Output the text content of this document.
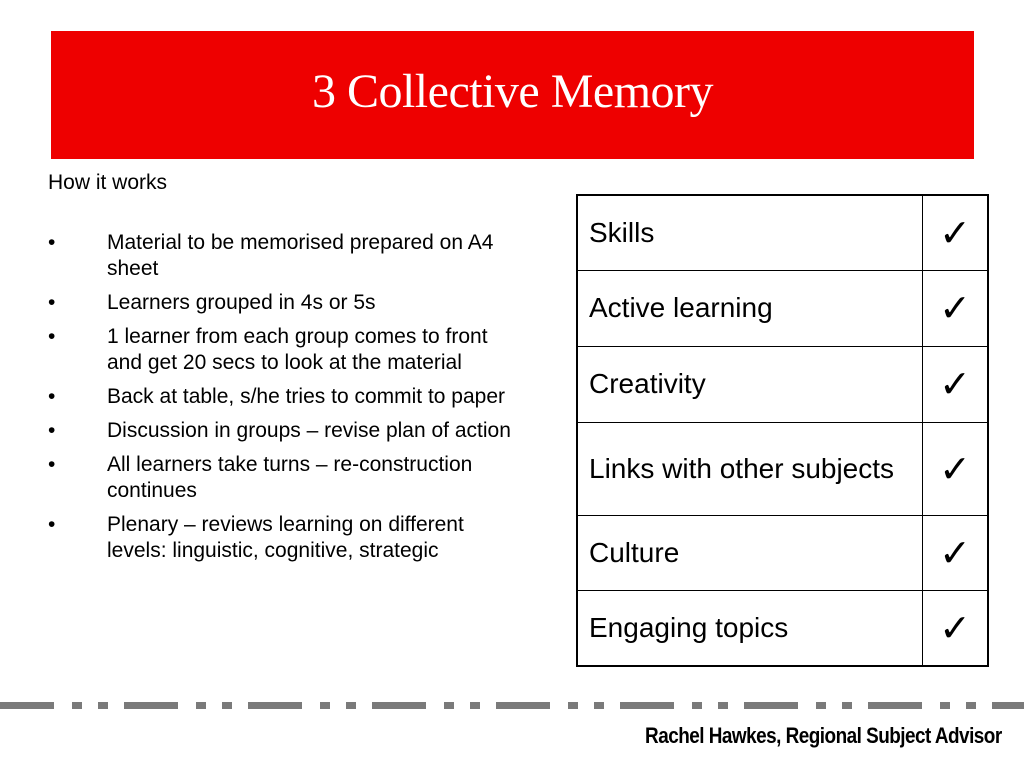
3 Collective Memory
How it works
• Material to be memorised prepared on A4 sheet
• Learners grouped in 4s or 5s
• 1 learner from each group comes to front and get 20 secs to look at the material
• Back at table, s/he tries to commit to paper
• Discussion in groups – revise plan of action
• All learners take turns – re-construction continues
• Plenary – reviews learning on different levels: linguistic, cognitive, strategic
Skills	✓
Active learning	✓
Creativity	✓
Links with other subjects	✓
Culture	✓
Engaging topics	✓
Rachel Hawkes, Regional Subject Advisor
